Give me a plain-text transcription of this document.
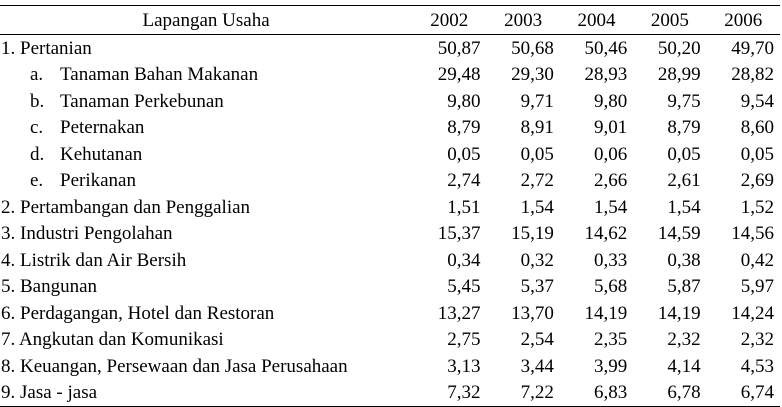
Lapangan Usaha	2002	2003	2004	2005	2006
1. Pertanian	50,87	50,68	50,46	50,20	49,70
a. Tanaman Bahan Makanan	29,48	29,30	28,93	28,99	28,82
b. Tanaman Perkebunan	9,80	9,71	9,80	9,75	9,54
c. Peternakan	8,79	8,91	9,01	8,79	8,60
d. Kehutanan	0,05	0,05	0,06	0,05	0,05
e. Perikanan	2,74	2,72	2,66	2,61	2,69
2. Pertambangan dan Penggalian	1,51	1,54	1,54	1,54	1,52
3. Industri Pengolahan	15,37	15,19	14,62	14,59	14,56
4. Listrik dan Air Bersih	0,34	0,32	0,33	0,38	0,42
5. Bangunan	5,45	5,37	5,68	5,87	5,97
6. Perdagangan, Hotel dan Restoran	13,27	13,70	14,19	14,19	14,24
7. Angkutan dan Komunikasi	2,75	2,54	2,35	2,32	2,32
8. Keuangan, Persewaan dan Jasa Perusahaan	3,13	3,44	3,99	4,14	4,53
9. Jasa - jasa	7,32	7,22	6,83	6,78	6,74
